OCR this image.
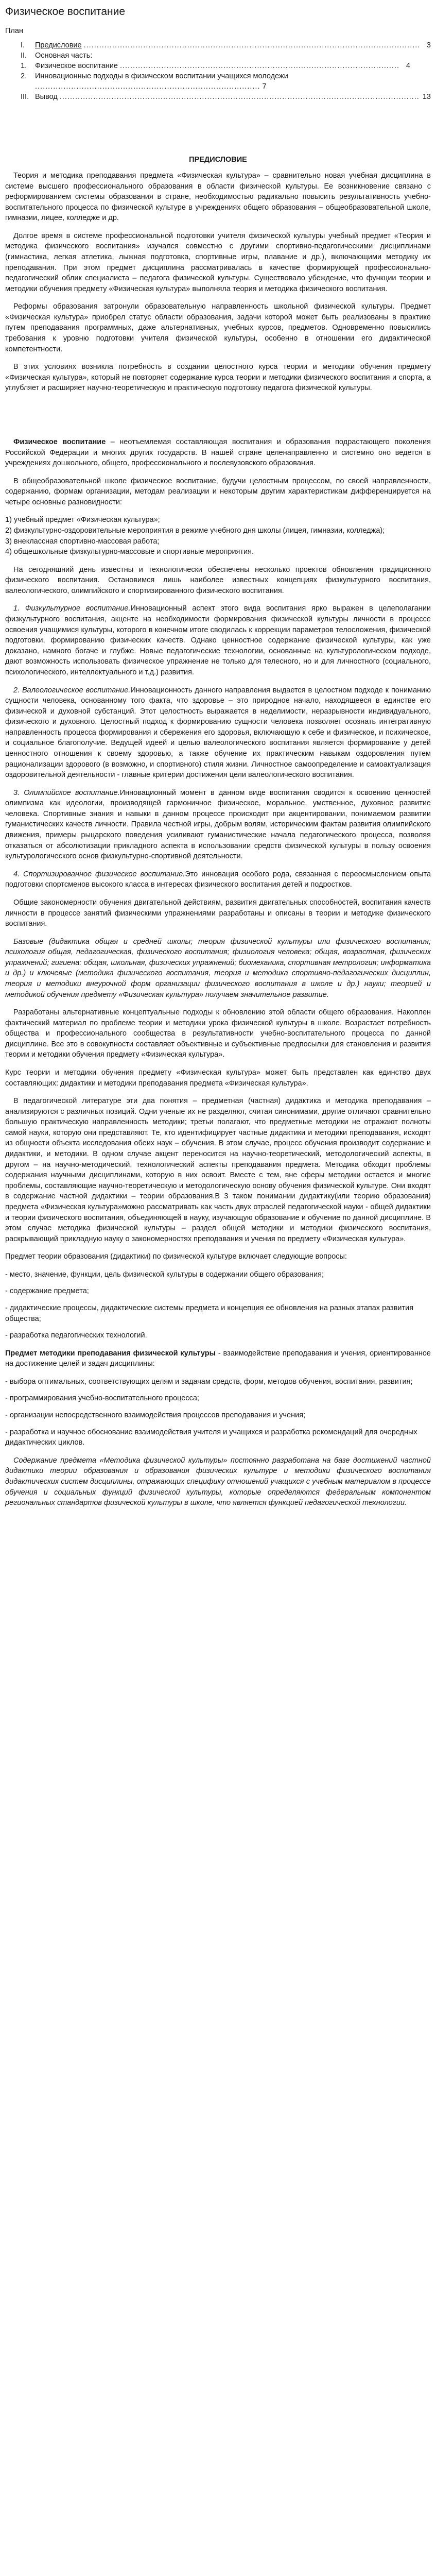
Физическое воспитание
План
I.	Предисловие .....	3
II.	Основная часть:
1.	Физическое воспитание .....	4
2.	Инновационные подходы в физическом воспитании учащихся молодежи
....................................................................................... 7
III. Вывод .....	13
ПРЕДИСЛОВИЕ

Теория и методика преподавания предмета «Физическая культура» – сравнительно новая учебная дисциплина в системе высшего профессионального образования в области физической культуры. Ее возникновение связано с реформированием системы образования в стране, необходимостью радикально повысить результативность учебно-воспитательного процесса по физической культуре в учреждениях общего образования – общеобразовательной школе, гимназии, лицее, колледже и др.

Долгое время в системе профессиональной подготовки учителя физической культуры учебный предмет «Теория и методика физического воспитания» изучался совместно с другими спортивно-педагогическими дисциплинами (гимнастика, легкая атлетика, лыжная подготовка, спортивные игры, плавание и др.), включающими методику их преподавания. При этом предмет дисциплина рассматривалась в качестве формирующей профессионально-педагогический облик специалиста – педагога физической культуры. Существовало убеждение, что функции теории и методики обучения предмету «Физическая культура» выполняла теория и методика физического воспитания.

Реформы образования затронули образовательную направленность школьной физической культуры. Предмет «Физическая культура» приобрел статус области образования, задачи которой может быть реализованы в практике путем преподавания программных, даже альтернативных, учебных курсов, предметов. Одновременно повысились требования к уровню подготовки учителя физической культуры, особенно в отношении его дидактической компетентности.

В этих условиях возникла потребность в создании целостного курса теории и методики обучения предмету «Физическая культура», который не повторяет содержание курса теории и методики физического воспитания и спорта, а углубляет и расширяет научно-теоретическую и практическую подготовку педагога физической культуры.

Физическое воспитание – неотъемлемая составляющая воспитания и образования подрастающего поколения Российской Федерации и многих других государств. В нашей стране целенаправленно и системно оно ведется в учреждениях дошкольного, общего, профессионального и послевузовского образования.

В общеобразовательной школе физическое воспитание, будучи целостным процессом, по своей направленности, содержанию, формам организации, методам реализации и некоторым другим характеристикам дифференцируется на четыре основные разновидности:

1) учебный предмет «Физическая культура»;
2) физкультурно-оздоровительные мероприятия в режиме учебного дня школы (лицея, гимназии, колледжа);
3) внеклассная спортивно-массовая работа;
4) общешкольные физкультурно-массовые и спортивные мероприятия.

На сегодняшний день известны и технологически обеспечены несколько проектов обновления традиционного физического воспитания. Остановимся лишь наиболее известных концепциях физкультурного воспитания, валеологического, олимпийского и спортизированного физического воспитания.

1. Физкультурное воспитание.Инновационный аспект этого вида воспитания ярко выражен в целеполагании физкультурного воспитания, акценте на необходимости формирования физической культуры личности в процессе освоения учащимися культуры, которого в конечном итоге сводилась к коррекции параметров телосложения, физической подготовки, формированию физических качеств. Однако ценностное содержание физической культуры, как уже доказано, намного богаче и глубже. Новые педагогические технологии, основанные на культурологическом подходе, дают возможность использовать физическое упражнение не только для телесного, но и для личностного (социального, психологического, интеллектуального и т.д.) развития.

2. Валеологическое воспитание.Инновационность данного направления выдается в целостном подходе к пониманию сущности человека, основанному того факта, что здоровье – это природное начало, находящееся в единстве его физической и духовной субстанций. Этот целостность выражается в неделимости, неразрывности индивидуального, физического и духовного. Целостный подход к формированию сущности человека позволяет осознать интегративную направленность процесса формирования и сбережения его здоровья, включающую к себе и физическое, и психическое, и социальное благополучие. Ведущей идеей и целью валеологического воспитания является формирование у детей ценностного отношения к своему здоровью, а также обучение их практическим навыкам оздоровления путем рационализации здорового (в возможно, и спортивного) стиля жизни. Личностное самоопределение и самоактуализация оздоровительной деятельности - главные критерии достижения цели валеологического воспитания.

3. Олимпийское воспитание.Инновационный момент в данном виде воспитания сводится к освоению ценностей олимпизма как идеологии, производящей гармоничное физическое, моральное, умственное, духовное развитие человека. Спортивные знания и навыки в данном процессе происходит при акцентировании, понимаемом развитии гуманистических качеств личности. Правила честной игры, добрым волям, историческим фактам развития олимпийского движения, примеры рыцарского поведения усиливают гуманистические начала педагогического процесса, позволяя отказаться от абсолютизации прикладного аспекта в использовании средств физической культуры в пользу освоения культурологического основ физкультурно-спортивной деятельности.

4. Спортизированное физическое воспитание.Это инновация особого рода, связанная с переосмыслением опыта подготовки спортсменов высокого класса в интересах физического воспитания детей и подростков.

Общие закономерности обучения двигательной действиям, развития двигательных способностей, воспитания качеств личности в процессе занятий физическими упражнениями разработаны и описаны в теории и методике физического воспитания.

Базовые (дидактика общая и средней школы; теория физической культуры или физического воспитания; психология общая, педагогическая, физического воспитания; физиология человека; общая, возрастная, физических упражнений; гигиена: общая, школьная, физических упражнений; биомеханика, спортивная метрология; информатика и др.) и ключевые (методика физического воспитания, теория и методика спортивно-педагогических дисциплин, теория и методики внеурочной форм организации физического воспитания в школе и др.) науки; теорией и методикой обучения предмету «Физическая культура» получаем значительное развитие.

Разработаны альтернативные концептуальные подходы к обновлению этой области общего образования. Накоплен фактический материал по проблеме теории и методики урока физической культуры в школе. Возрастает потребность общества и профессионального сообщества в результативности учебно-воспитательного процесса по данной дисциплине. Все это в совокупности составляет объективные и субъективные предпосылки для становления и развития теории и методики обучения предмету «Физическая культура».

Курс теории и методики обучения предмету «Физическая культура» может быть представлен как единство двух составляющих: дидактики и методики преподавания предмета «Физическая культура».

В педагогической литературе эти два понятия – предметная (частная) дидактика и методика преподавания – анализируются с различных позиций. Одни ученые их не разделяют, считая синонимами, другие отличают сравнительно большую практическую направленность методики; третьи полагают, что предметные методики не отражают полноты самой науки, которую они представляют. Те, кто идентифицирует частные дидактики и методики преподавания, исходят из общности объекта исследования обеих наук – обучения. В этом случае, процесс обучения производит содержание и дидактики, и методики. В одном случае акцент переносится на научно-теоретический, методологический аспекты, в другом – на научно-методический, технологический аспекты преподавания предмета. Методика обходит проблемы содержания научными дисциплинами, которую в них освоит. Вместе с тем, вне сферы методики остается и многие проблемы, составляющие научно-теоретическую и методологическую основу обучения физической культуре. Они входят в содержание частной дидактики – теории образования.В 3 таком понимании дидактику(или теорию образования) предмета «Физическая культура»можно рассматривать как часть двух отраслей педагогической науки - общей дидактики и теории физического воспитания, объединяющей в науку, изучающую образование и обучение по данной дисциплине. В этом случае методика физической культуры – раздел общей методики и методики физического воспитания, раскрывающий прикладную науку о закономерностях преподавания и учения по предмету «Физическая культура».

Предмет теории образования (дидактики) по физической культуре включает следующие вопросы:

- место, значение, функции, цель физической культуры в содержании общего образования;
- содержание предмета;
- дидактические процессы, дидактические системы предмета и концепция ее обновления на разных этапах развития общества;
- разработка педагогических технологий.

Предмет методики преподавания физической культуры - взаимодействие преподавания и учения, ориентированное на достижение целей и задач дисциплины:

- выбора оптимальных, соответствующих целям и задачам средств, форм, методов обучения, воспитания, развития;
- программирования учебно-воспитательного процесса;
- организации непосредственного взаимодействия процессов преподавания и учения;
- разработка и научное обоснование взаимодействия учителя и учащихся и разработка рекомендаций для очередных дидактических циклов.

Содержание предмета «Методика физической культуры» постоянно разработана на базе достижений частной дидактики теории образования и образования физических культуре и методики физического воспитания дидактических систем дисциплины, отражающих специфику отношений учащихся с учебным материалом в процессе обучения и социальных функций физической культуры, которые определяются федеральным компонентом региональных стандартов физической культуры в школе, что является функцией педагогической технологии.
